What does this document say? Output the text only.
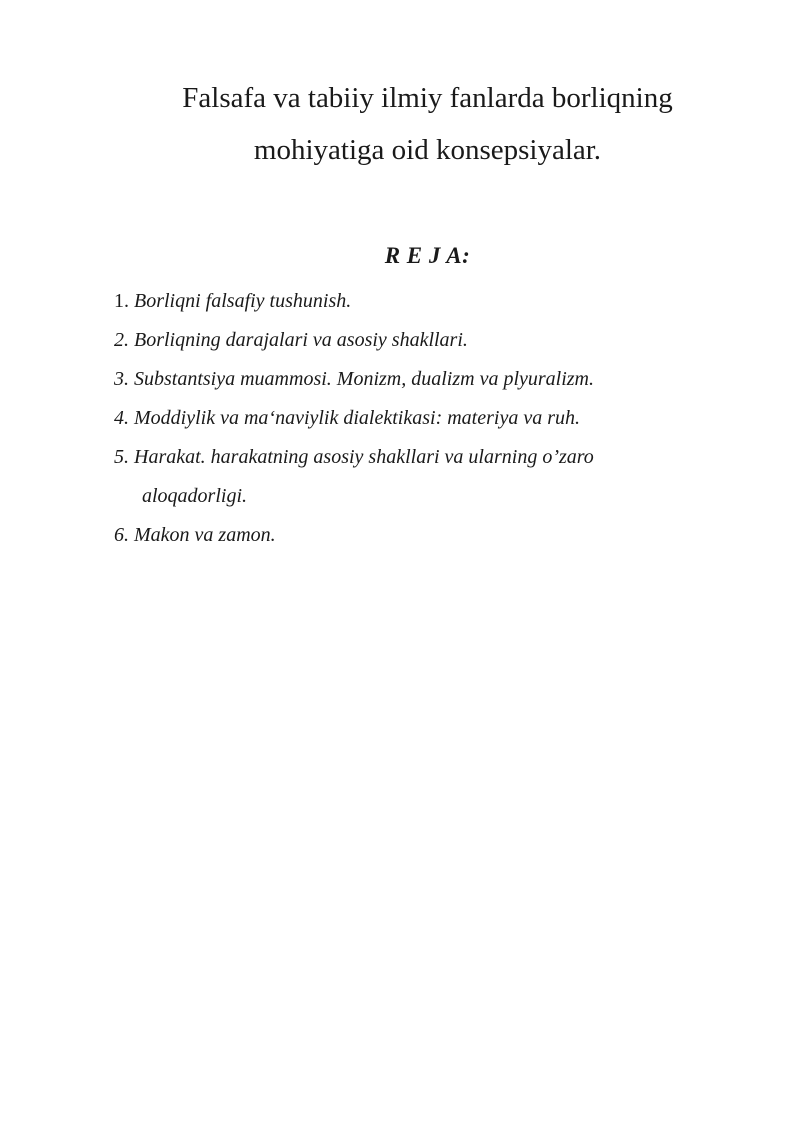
Falsafa va tabiiy ilmiy fanlarda borliqning
mohiyatiga oid konsepsiyalar.
R E J A:
1. Borliqni falsafiy tushunish.
2. Borliqning darajalari va asosiy shakllari.
3. Substantsiya muammosi. Monizm, dualizm va plyuralizm.
4. Moddiylik va ma‘naviylik dialektikasi: materiya va ruh.
5. Harakat. harakatning asosiy shakllari va ularning o’zaro
aloqadorligi.
6. Makon va zamon.
